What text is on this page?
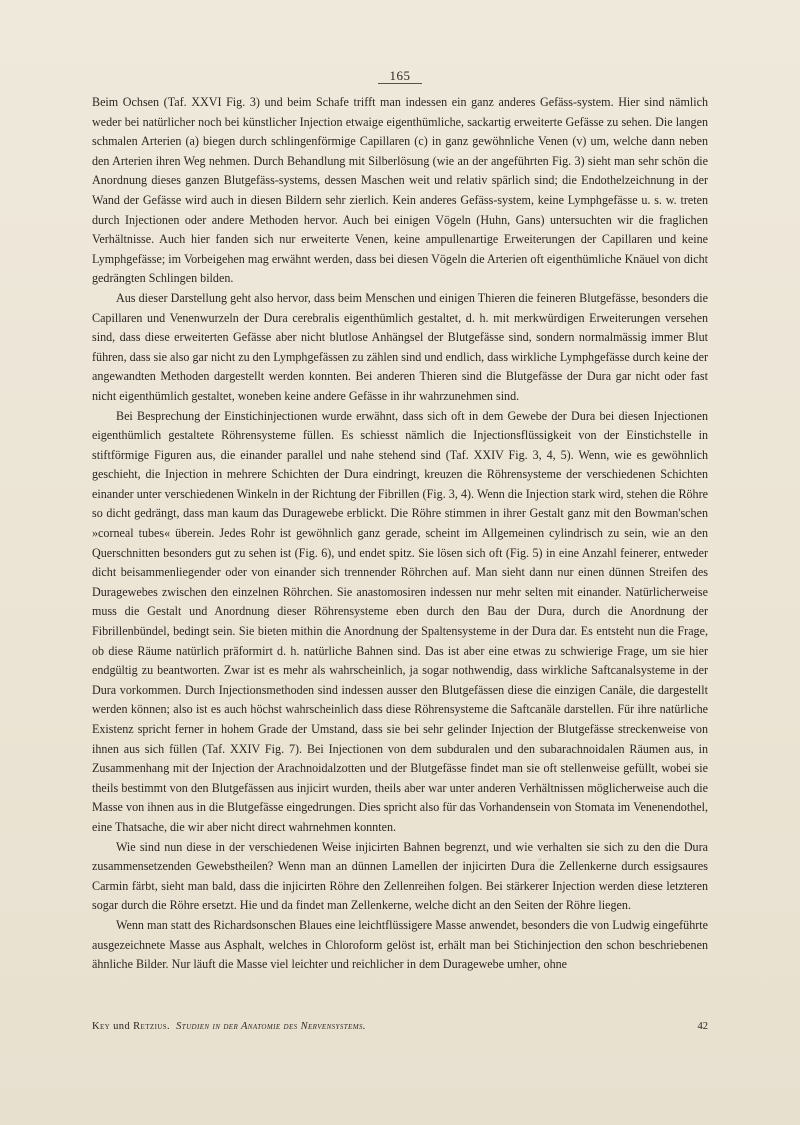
165

Beim Ochsen (Taf. XXVI Fig. 3) und beim Schafe trifft man indessen ein ganz anderes Gefäss-system. Hier sind nämlich weder bei natürlicher noch bei künstlicher Injection etwaige eigenthümliche, sackartig erweiterte Gefässe zu sehen. Die langen schmalen Arterien (a) biegen durch schlingenförmige Capillaren (c) in ganz gewöhnliche Venen (v) um, welche dann neben den Arterien ihren Weg nehmen. Durch Behandlung mit Silberlösung (wie an der angeführten Fig. 3) sieht man sehr schön die Anordnung dieses ganzen Blutgefäss-systems, dessen Maschen weit und relativ spärlich sind; die Endothelzeichnung in der Wand der Gefässe wird auch in diesen Bildern sehr zierlich. Kein anderes Gefäss-system, keine Lymphgefässe u. s. w. treten durch Injectionen oder andere Methoden hervor. Auch bei einigen Vögeln (Huhn, Gans) untersuchten wir die fraglichen Verhältnisse. Auch hier fanden sich nur erweiterte Venen, keine ampullenartige Erweiterungen der Capillaren und keine Lymphgefässe; im Vorbeigehen mag erwähnt werden, dass bei diesen Vögeln die Arterien oft eigenthümliche Knäuel von dicht gedrängten Schlingen bilden.

Aus dieser Darstellung geht also hervor, dass beim Menschen und einigen Thieren die feineren Blutgefässe, besonders die Capillaren und Venenwurzeln der Dura cerebralis eigenthümlich gestaltet, d. h. mit merkwürdigen Erweiterungen versehen sind, dass diese erweiterten Gefässe aber nicht blutlose Anhängsel der Blutgefässe sind, sondern normalmässig immer Blut führen, dass sie also gar nicht zu den Lymphgefässen zu zählen sind und endlich, dass wirkliche Lymphgefässe durch keine der angewandten Methoden dargestellt werden konnten. Bei anderen Thieren sind die Blutgefässe der Dura gar nicht oder fast nicht eigenthümlich gestaltet, woneben keine andere Gefässe in ihr wahrzunehmen sind.

Bei Besprechung der Einstichinjectionen wurde erwähnt, dass sich oft in dem Gewebe der Dura bei diesen Injectionen eigenthümlich gestaltete Röhrensysteme füllen. Es schiesst nämlich die Injectionsflüssigkeit von der Einstichstelle in stiftförmige Figuren aus, die einander parallel und nahe stehend sind (Taf. XXIV Fig. 3, 4, 5). Wenn, wie es gewöhnlich geschieht, die Injection in mehrere Schichten der Dura eindringt, kreuzen die Röhrensysteme der verschiedenen Schichten einander unter verschiedenen Winkeln in der Richtung der Fibrillen (Fig. 3, 4). Wenn die Injection stark wird, stehen die Röhre so dicht gedrängt, dass man kaum das Duragewebe erblickt. Die Röhre stimmen in ihrer Gestalt ganz mit den Bowman'schen »corneal tubes« überein. Jedes Rohr ist gewöhnlich ganz gerade, scheint im Allgemeinen cylindrisch zu sein, wie an den Querschnitten besonders gut zu sehen ist (Fig. 6), und endet spitz. Sie lösen sich oft (Fig. 5) in eine Anzahl feinerer, entweder dicht beisammenliegender oder von einander sich trennender Röhrchen auf. Man sieht dann nur einen dünnen Streifen des Duragewebes zwischen den einzelnen Röhrchen. Sie anastomosiren indessen nur mehr selten mit einander. Natürlicherweise muss die Gestalt und Anordnung dieser Röhrensysteme eben durch den Bau der Dura, durch die Anordnung der Fibrillenbündel, bedingt sein. Sie bieten mithin die Anordnung der Spaltensysteme in der Dura dar. Es entsteht nun die Frage, ob diese Räume natürlich präformirt d. h. natürliche Bahnen sind. Das ist aber eine etwas zu schwierige Frage, um sie hier endgültig zu beantworten. Zwar ist es mehr als wahrscheinlich, ja sogar nothwendig, dass wirkliche Saftcanalsysteme in der Dura vorkommen. Durch Injectionsmethoden sind indessen ausser den Blutgefässen diese die einzigen Canäle, die dargestellt werden können; also ist es auch höchst wahrscheinlich dass diese Röhrensysteme die Saftcanäle darstellen. Für ihre natürliche Existenz spricht ferner in hohem Grade der Umstand, dass sie bei sehr gelinder Injection der Blutgefässe streckenweise von ihnen aus sich füllen (Taf. XXIV Fig. 7). Bei Injectionen von dem subduralen und den subarachnoidalen Räumen aus, in Zusammenhang mit der Injection der Arachnoidalzotten und der Blutgefässe findet man sie oft stellenweise gefüllt, wobei sie theils bestimmt von den Blutgefässen aus injicirt wurden, theils aber war unter anderen Verhältnissen möglicherweise auch die Masse von ihnen aus in die Blutgefässe eingedrungen. Dies spricht also für das Vorhandensein von Stomata im Venenendothel, eine Thatsache, die wir aber nicht direct wahrnehmen konnten.

Wie sind nun diese in der verschiedenen Weise injicirten Bahnen begrenzt, und wie verhalten sie sich zu den die Dura zusammensetzenden Gewebstheilen? Wenn man an dünnen Lamellen der injicirten Dura die Zellenkerne durch essigsaures Carmin färbt, sieht man bald, dass die injicirten Röhre den Zellenreihen folgen. Bei stärkerer Injection werden diese letzteren sogar durch die Röhre ersetzt. Hie und da findet man Zellenkerne, welche dicht an den Seiten der Röhre liegen.

Wenn man statt des Richardsonschen Blaues eine leichtflüssigere Masse anwendet, besonders die von Ludwig eingeführte ausgezeichnete Masse aus Asphalt, welches in Chloroform gelöst ist, erhält man bei Stichinjection den schon beschriebenen ähnliche Bilder. Nur läuft die Masse viel leichter und reichlicher in dem Duragewebe umher, ohne

Key und Retzius. Studien in der Anatomie des Nervensystems.	42
